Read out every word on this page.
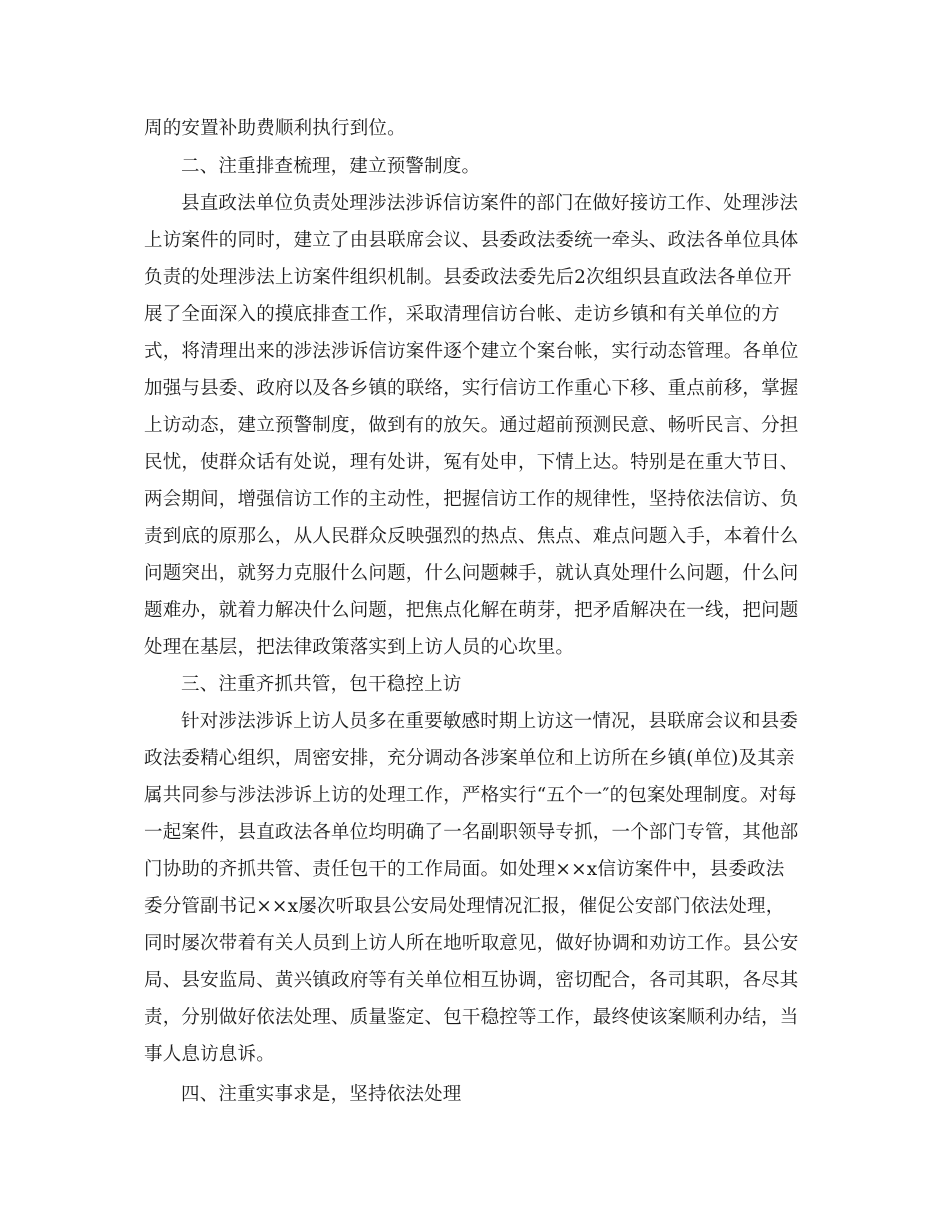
周的安置补助费顺利执行到位。
二、注重排查梳理，建立预警制度。
县直政法单位负责处理涉法涉诉信访案件的部门在做好接访工作、处理涉法
上访案件的同时，建立了由县联席会议、县委政法委统一牵头、政法各单位具体
负责的处理涉法上访案件组织机制。县委政法委先后2次组织县直政法各单位开
展了全面深入的摸底排查工作，采取清理信访台帐、走访乡镇和有关单位的方
式，将清理出来的涉法涉诉信访案件逐个建立个案台帐，实行动态管理。各单位
加强与县委、政府以及各乡镇的联络，实行信访工作重心下移、重点前移，掌握
上访动态，建立预警制度，做到有的放矢。通过超前预测民意、畅听民言、分担
民忧，使群众话有处说，理有处讲，冤有处申，下情上达。特别是在重大节日、
两会期间，增强信访工作的主动性，把握信访工作的规律性，坚持依法信访、负
责到底的原那么，从人民群众反映强烈的热点、焦点、难点问题入手，本着什么
问题突出，就努力克服什么问题，什么问题棘手，就认真处理什么问题，什么问
题难办，就着力解决什么问题，把焦点化解在萌芽，把矛盾解决在一线，把问题
处理在基层，把法律政策落实到上访人员的心坎里。
三、注重齐抓共管，包干稳控上访
针对涉法涉诉上访人员多在重要敏感时期上访这一情况，县联席会议和县委
政法委精心组织，周密安排，充分调动各涉案单位和上访所在乡镇(单位)及其亲
属共同参与涉法涉诉上访的处理工作，严格实行“五个一″的包案处理制度。对每
一起案件，县直政法各单位均明确了一名副职领导专抓，一个部门专管，其他部
门协助的齐抓共管、责任包干的工作局面。如处理××x信访案件中，县委政法
委分管副书记××x屡次听取县公安局处理情况汇报，催促公安部门依法处理，
同时屡次带着有关人员到上访人所在地听取意见，做好协调和劝访工作。县公安
局、县安监局、黄兴镇政府等有关单位相互协调，密切配合，各司其职，各尽其
责，分别做好依法处理、质量鉴定、包干稳控等工作，最终使该案顺利办结，当
事人息访息诉。
四、注重实事求是，坚持依法处理
